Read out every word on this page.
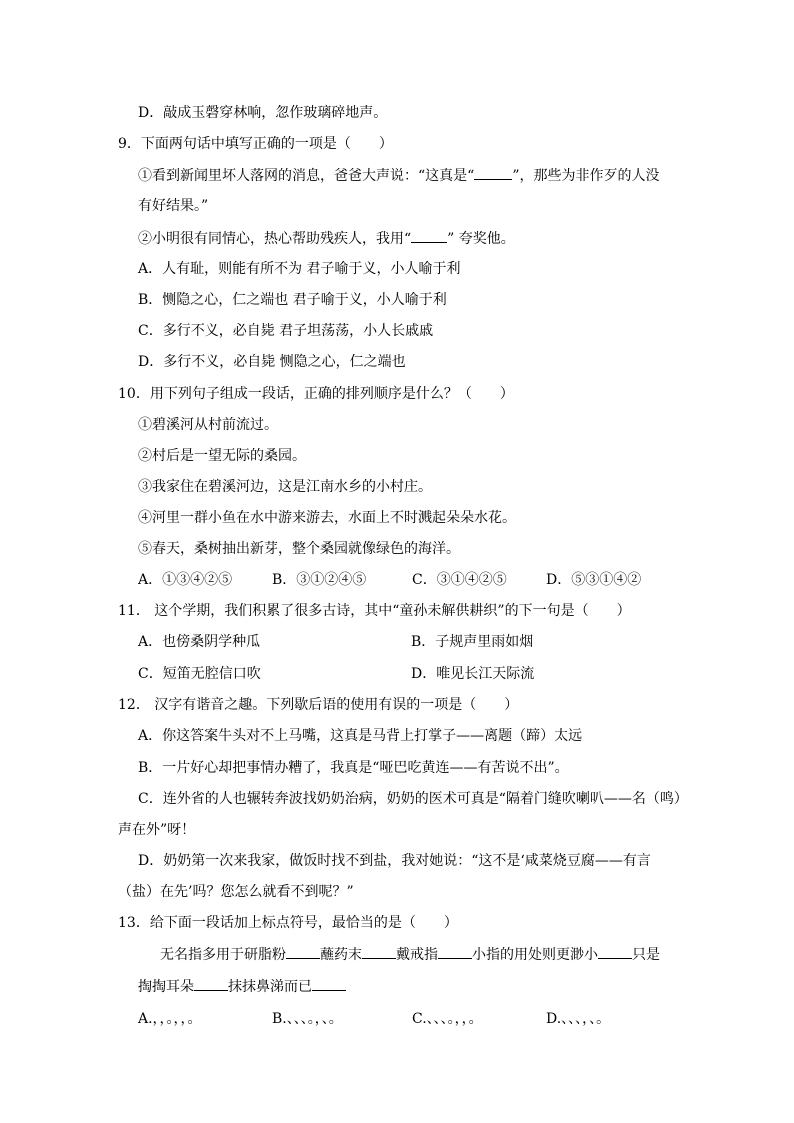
D．敲成玉磬穿林响，忽作玻璃碎地声。
9．下面两句话中填写正确的一项是（　　）
①看到新闻里坏人落网的消息，爸爸大声说：“这真是“	”，那些为非作歹的人没
有好结果。”
②小明很有同情心，热心帮助残疾人，我用“	” 夸奖他。
A．人有耻，则能有所不为 君子喻于义，小人喻于利
B．恻隐之心，仁之端也 君子喻于义，小人喻于利
C．多行不义，必自毙 君子坦荡荡，小人长戚戚
D．多行不义，必自毙 恻隐之心，仁之端也
10．用下列句子组成一段话，正确的排列顺序是什么？（　　）
①碧溪河从村前流过。
②村后是一望无际的桑园。
③我家住在碧溪河边，这是江南水乡的小村庄。
④河里一群小鱼在水中游来游去，水面上不时溅起朵朵水花。
⑤春天，桑树抽出新芽，整个桑园就像绿色的海洋。
A．①③④②⑤	B．③①②④⑤	C．③①④②⑤	D．⑤③①④②
11． 这个学期，我们积累了很多古诗，其中“童孙未解供耕织”的下一句是（　　）
A．也傍桑阴学种瓜	B．子规声里雨如烟
C．短笛无腔信口吹	D．唯见长江天际流
12． 汉字有谐音之趣。下列歇后语的使用有误的一项是（　　）
A．你这答案牛头对不上马嘴，这真是马背上打掌子——离题（蹄）太远
B．一片好心却把事情办糟了，我真是“哑巴吃黄连——有苦说不出”。
C．连外省的人也辗转奔波找奶奶治病，奶奶的医术可真是“隔着门缝吹喇叭——名（鸣）
声在外”呀！
D．奶奶第一次来我家，做饭时找不到盐，我对她说：“这不是‘咸菜烧豆腐——有言
（盐）在先’吗？您怎么就看不到呢？”
13．给下面一段话加上标点符号，最恰当的是（　　）
无名指多用于研脂粉 蘸药末 戴戒指 小指的用处则更渺小 只是
掏掏耳朵 抹抹鼻涕而已
A.，，。，，。	B.、、、。，、。	C.、、、。，，。	D.、、、，、。
